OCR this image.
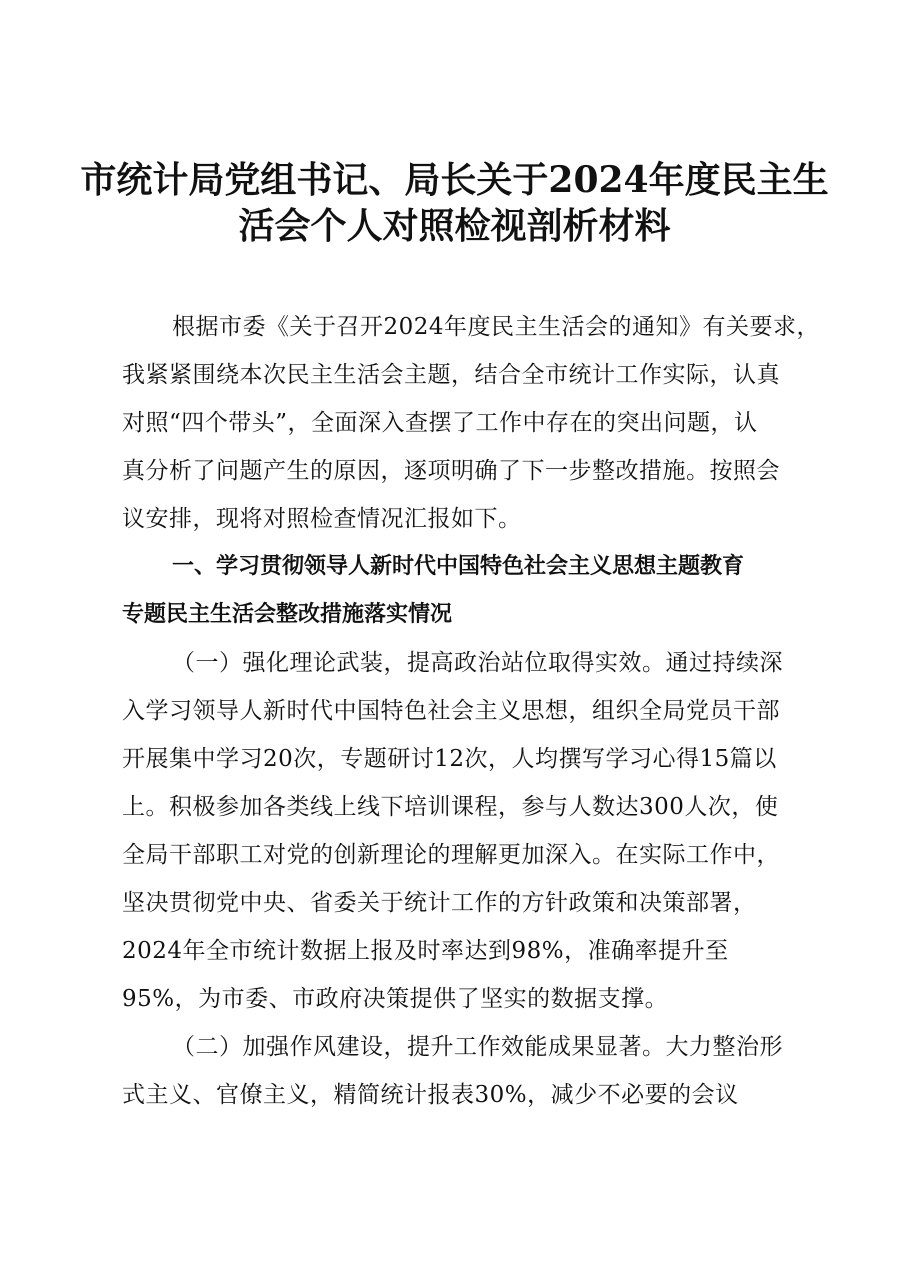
市统计局党组书记、局长关于2024年度民主生
活会个人对照检视剖析材料
根据市委《关于召开2024年度民主生活会的通知》有关要求，
我紧紧围绕本次民主生活会主题，结合全市统计工作实际，认真
对照“四个带头”，全面深入查摆了工作中存在的突出问题，认
真分析了问题产生的原因，逐项明确了下一步整改措施。按照会
议安排，现将对照检查情况汇报如下。
一、学习贯彻领导人新时代中国特色社会主义思想主题教育
专题民主生活会整改措施落实情况
（一）强化理论武装，提高政治站位取得实效。通过持续深
入学习领导人新时代中国特色社会主义思想，组织全局党员干部
开展集中学习20次，专题研讨12次，人均撰写学习心得15篇以
上。积极参加各类线上线下培训课程，参与人数达300人次，使
全局干部职工对党的创新理论的理解更加深入。在实际工作中，
坚决贯彻党中央、省委关于统计工作的方针政策和决策部署，
2024年全市统计数据上报及时率达到98%，准确率提升至
95%，为市委、市政府决策提供了坚实的数据支撑。
（二）加强作风建设，提升工作效能成果显著。大力整治形
式主义、官僚主义，精简统计报表30%，减少不必要的会议
